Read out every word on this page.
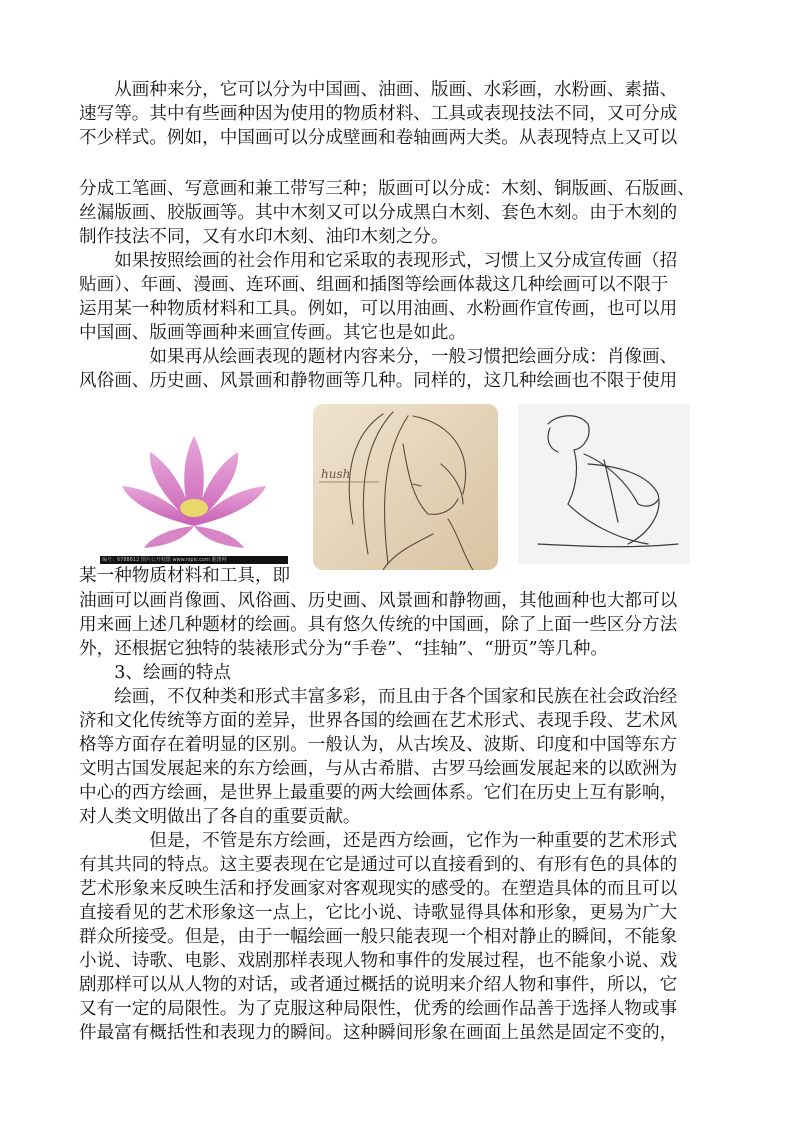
　　从画种来分，它可以分为中国画、油画、版画、水彩画，水粉画、素描、
速写等。其中有些画种因为使用的物质材料、工具或表现技法不同，又可分成
不少样式。例如，中国画可以分成壁画和卷轴画两大类。从表现特点上又可以
分成工笔画、写意画和兼工带写三种；版画可以分成：木刻、铜版画、石版画、
丝漏版画、胶版画等。其中木刻又可以分成黑白木刻、套色木刻。由于木刻的
制作技法不同，又有水印木刻、油印木刻之分。
　　如果按照绘画的社会作用和它采取的表现形式，习惯上又分成宣传画（招
贴画）、年画、漫画、连环画、组画和插图等绘画体裁这几种绘画可以不限于
运用某一种物质材料和工具。例如，可以用油画、水粉画作宣传画，也可以用
中国画、版画等画种来画宣传画。其它也是如此。
　　　　如果再从绘画表现的题材内容来分，一般习惯把绘画分成：肖像画、
风俗画、历史画、风景画和静物画等几种。同样的，这几种绘画也不限于使用
编号：6788612 图片公开权限 www.nipic.com 昵图网
hush
某一种物质材料和工具，即
油画可以画肖像画、风俗画、历史画、风景画和静物画，其他画种也大都可以
用来画上述几种题材的绘画。具有悠久传统的中国画，除了上面一些区分方法
外，还根据它独特的装裱形式分为“手卷”、“挂轴”、“册页”等几种。
　　3、绘画的特点
　　绘画，不仅种类和形式丰富多彩，而且由于各个国家和民族在社会政治经
济和文化传统等方面的差异，世界各国的绘画在艺术形式、表现手段、艺术风
格等方面存在着明显的区别。一般认为，从古埃及、波斯、印度和中国等东方
文明古国发展起来的东方绘画，与从古希腊、古罗马绘画发展起来的以欧洲为
中心的西方绘画，是世界上最重要的两大绘画体系。它们在历史上互有影响，
对人类文明做出了各自的重要贡献。
　　　　但是，不管是东方绘画，还是西方绘画，它作为一种重要的艺术形式
有其共同的特点。这主要表现在它是通过可以直接看到的、有形有色的具体的
艺术形象来反映生活和抒发画家对客观现实的感受的。在塑造具体的而且可以
直接看见的艺术形象这一点上，它比小说、诗歌显得具体和形象，更易为广大
群众所接受。但是，由于一幅绘画一般只能表现一个相对静止的瞬间，不能象
小说、诗歌、电影、戏剧那样表现人物和事件的发展过程，也不能象小说、戏
剧那样可以从人物的对话，或者通过概括的说明来介绍人物和事件，所以，它
又有一定的局限性。为了克服这种局限性，优秀的绘画作品善于选择人物或事
件最富有概括性和表现力的瞬间。这种瞬间形象在画面上虽然是固定不变的，
